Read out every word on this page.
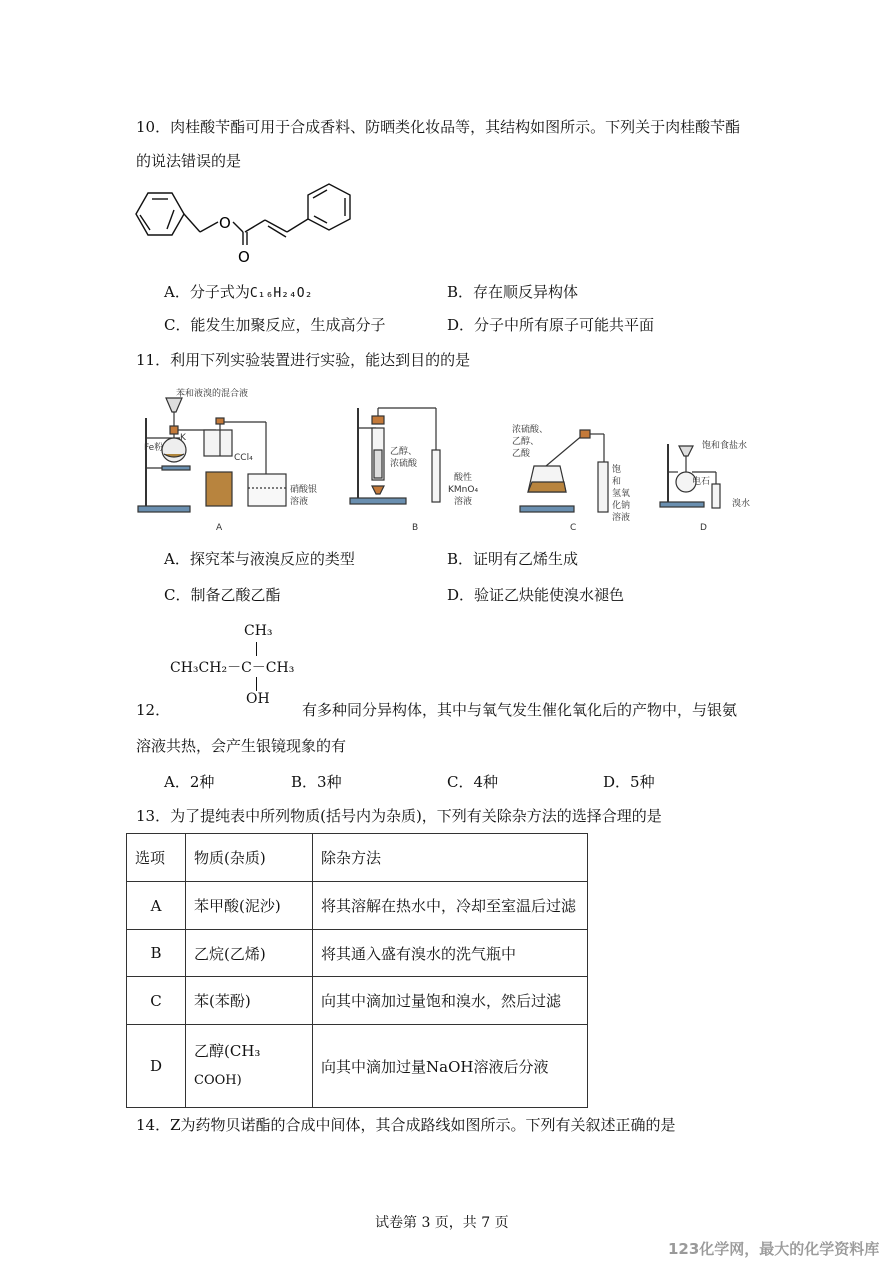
10．肉桂酸苄酯可用于合成香料、防晒类化妆品等，其结构如图所示。下列关于肉桂酸苄酯
的说法错误的是
O
O
A．分子式为C₁₆H₂₄O₂	B．存在顺反异构体
C．能发生加聚反应，生成高分子	D．分子中所有原子可能共平面
11．利用下列实验装置进行实验，能达到目的的是
苯和液溴的混合液
K
Fe粉
CCl₄
硝酸银
溶液
A
乙醇、
浓硫酸
酸性
KMnO₄
溶液
B
浓硫酸、
乙醇、
乙酸
饱
和
氢氧
化钠
溶液
C
饱和食盐水
电石
溴水
D
A．探究苯与液溴反应的类型	B．证明有乙烯生成
C．制备乙酸乙酯	D．验证乙炔能使溴水褪色
CH₃
CH₃CH₂－C－CH₃
OH
12．	有多种同分异构体，其中与氧气发生催化氧化后的产物中，与银氨
溶液共热，会产生银镜现象的有
A．2种	B．3种	C．4种	D．5种
13．为了提纯表中所列物质(括号内为杂质)，下列有关除杂方法的选择合理的是
选项	物质(杂质)	除杂方法
A	苯甲酸(泥沙)	将其溶解在热水中，冷却至室温后过滤
B	乙烷(乙烯)	将其通入盛有溴水的洗气瓶中
C	苯(苯酚)	向其中滴加过量饱和溴水，然后过滤
D	乙醇(CH₃
COOH)	向其中滴加过量NaOH溶液后分液
14．Z为药物贝诺酯的合成中间体，其合成路线如图所示。下列有关叙述正确的是
试卷第 3 页，共 7 页
123化学网，最大的化学资料库
